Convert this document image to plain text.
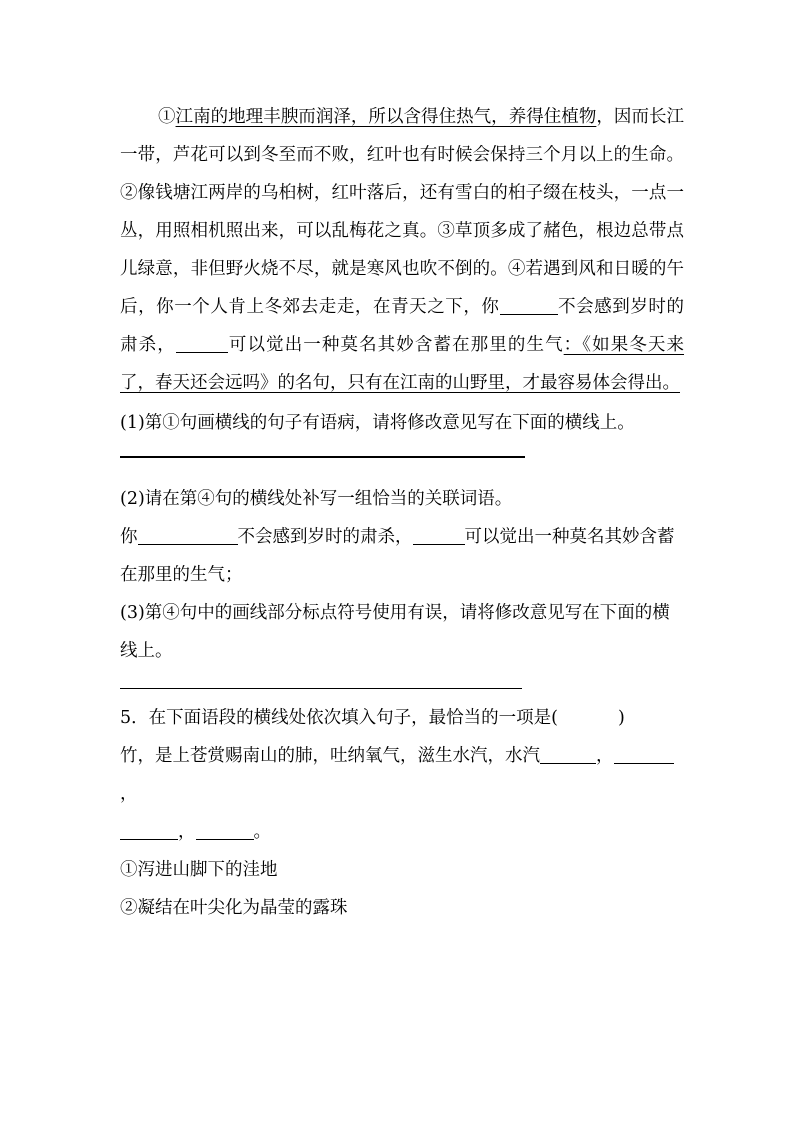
①江南的地理丰腴而润泽，所以含得住热气，养得住植物，因而长江一带，芦花可以到冬至而不败，红叶也有时候会保持三个月以上的生命。②像钱塘江两岸的乌桕树，红叶落后，还有雪白的桕子缀在枝头，一点一丛，用照相机照出来，可以乱梅花之真。③草顶多成了赭色，根边总带点儿绿意，非但野火烧不尽，就是寒风也吹不倒的。④若遇到风和日暖的午后，你一个人肯上冬郊去走走，在青天之下，你	不会感到岁时的肃杀，	可以觉出一种莫名其妙含蓄在那里的生气：《如果冬天来了，春天还会远吗》的名句，只有在江南的山野里，才最容易体会得出。

(1)第①句画横线的句子有语病，请将修改意见写在下面的横线上。

(2)请在第④句的横线处补写一组恰当的关联词语。

你	不会感到岁时的肃杀，	可以觉出一种莫名其妙含蓄在那里的生气；

(3)第④句中的画线部分标点符号使用有误，请将修改意见写在下面的横线上。

5．在下面语段的横线处依次填入句子，最恰当的一项是(	)

竹，是上苍赏赐南山的肺，吐纳氧气，滋生水汽，水汽	，，
，	。

①泻进山脚下的洼地

②凝结在叶尖化为晶莹的露珠
